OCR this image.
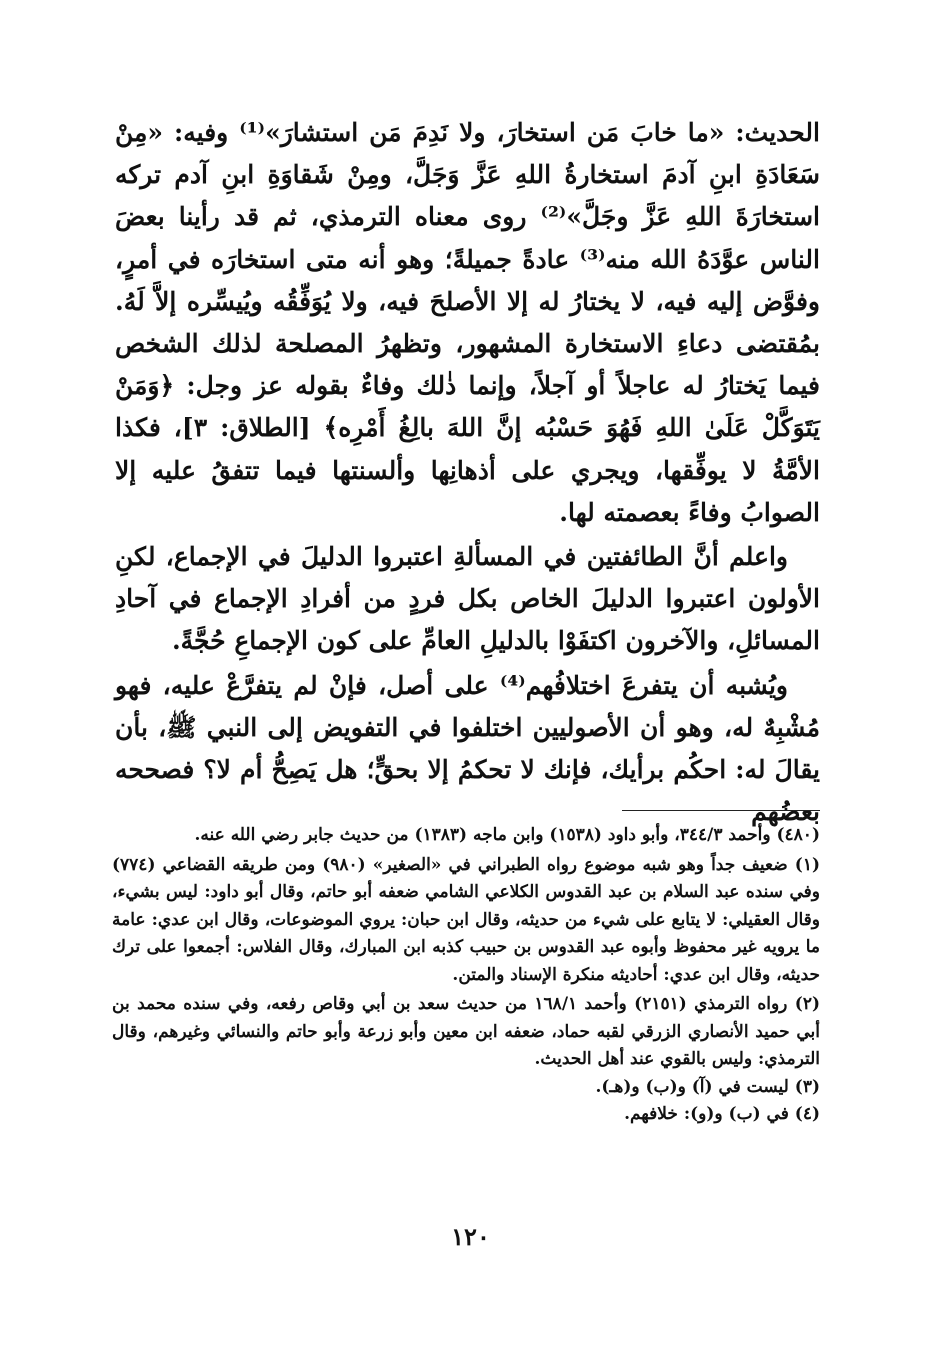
الحديث: «ما خابَ مَن استخارَ، ولا نَدِمَ مَن استشارَ»⁽¹⁾ وفيه: «مِنْ سَعَادَةِ ابنِ آدمَ استخارةُ اللهِ عَزَّ وَجَلَّ، ومِنْ شَقاوَةِ ابنِ آدم تركه استخارَةَ اللهِ عَزَّ وجَلَّ»⁽²⁾ روى معناه الترمذي، ثم قد رأينا بعضَ الناس عوَّدَهُ الله منه⁽³⁾ عادةً جميلةً؛ وهو أنه متى استخارَه في أمرٍ، وفوَّض إليه فيه، لا يختارُ له إلا الأصلحَ فيه، ولا يُوَفِّقُه ويُيسِّره إلاَّ لَهُ. بمُقتضى دعاءِ الاستخارة المشهور، وتظهرُ المصلحة لذلك الشخص فيما يَختارُ له عاجلاً أو آجلاً، وإنما ذٰلك وفاءٌ بقوله عز وجل: ﴿وَمَنْ يَتَوَكَّلْ عَلَىٰ اللهِ فَهُوَ حَسْبُه إنَّ اللهَ بالِغُ أَمْرِه﴾ [الطلاق: ٣]، فكذا الأمَّةُ لا يوفِّقها، ويجري على أذهانِها وألسنتها فيما تتفقُ عليه إلا الصوابُ وفاءً بعصمته لها.

واعلم أنَّ الطائفتين في المسألةِ اعتبروا الدليلَ في الإجماع، لكنِ الأولون اعتبروا الدليلَ الخاص بكل فردٍ من أفرادِ الإجماع في آحادِ المسائلِ، والآخرون اكتفَوْا بالدليلِ العامِّ على كون الإجماعِ حُجَّةً.

ويُشبه أن يتفرعَ اختلافُهم⁽⁴⁾ على أصل، فإنْ لم يتفرَّعْ عليه، فهو مُشْبِهٌ له، وهو أن الأصوليين اختلفوا في التفويض إلى النبي ﷺ، بأن يقالَ له: احكُم برأيك، فإنك لا تحكمُ إلا بحقٍّ؛ هل يَصِحُّ أم لا؟ فصححه بعضُهم

(٤٨٠) وأحمد ٣٤٤/٣، وأبو داود (١٥٣٨) وابن ماجه (١٣٨٣) من حديث جابر رضي الله عنه.

(١) ضعيف جداً وهو شبه موضوع رواه الطبراني في «الصغير» (٩٨٠) ومن طريقه القضاعي (٧٧٤) وفي سنده عبد السلام بن عبد القدوس الكلاعي الشامي ضعفه أبو حاتم، وقال أبو داود: ليس بشيء، وقال العقيلي: لا يتابع على شيء من حديثه، وقال ابن حبان: يروي الموضوعات، وقال ابن عدي: عامة ما يرويه غير محفوظ وأبوه عبد القدوس بن حبيب كذبه ابن المبارك، وقال الفلاس: أجمعوا على ترك حديثه، وقال ابن عدي: أحاديثه منكرة الإسناد والمتن.

(٢) رواه الترمذي (٢١٥١) وأحمد ١٦٨/١ من حديث سعد بن أبي وقاص رفعه، وفي سنده محمد بن أبي حميد الأنصاري الزرقي لقبه حماد، ضعفه ابن معين وأبو زرعة وأبو حاتم والنسائي وغيرهم، وقال الترمذي: وليس بالقوي عند أهل الحديث.

(٣) ليست في (آ) و(ب) و(هـ).

(٤) في (ب) و(و): خلافهم.

١٢٠
